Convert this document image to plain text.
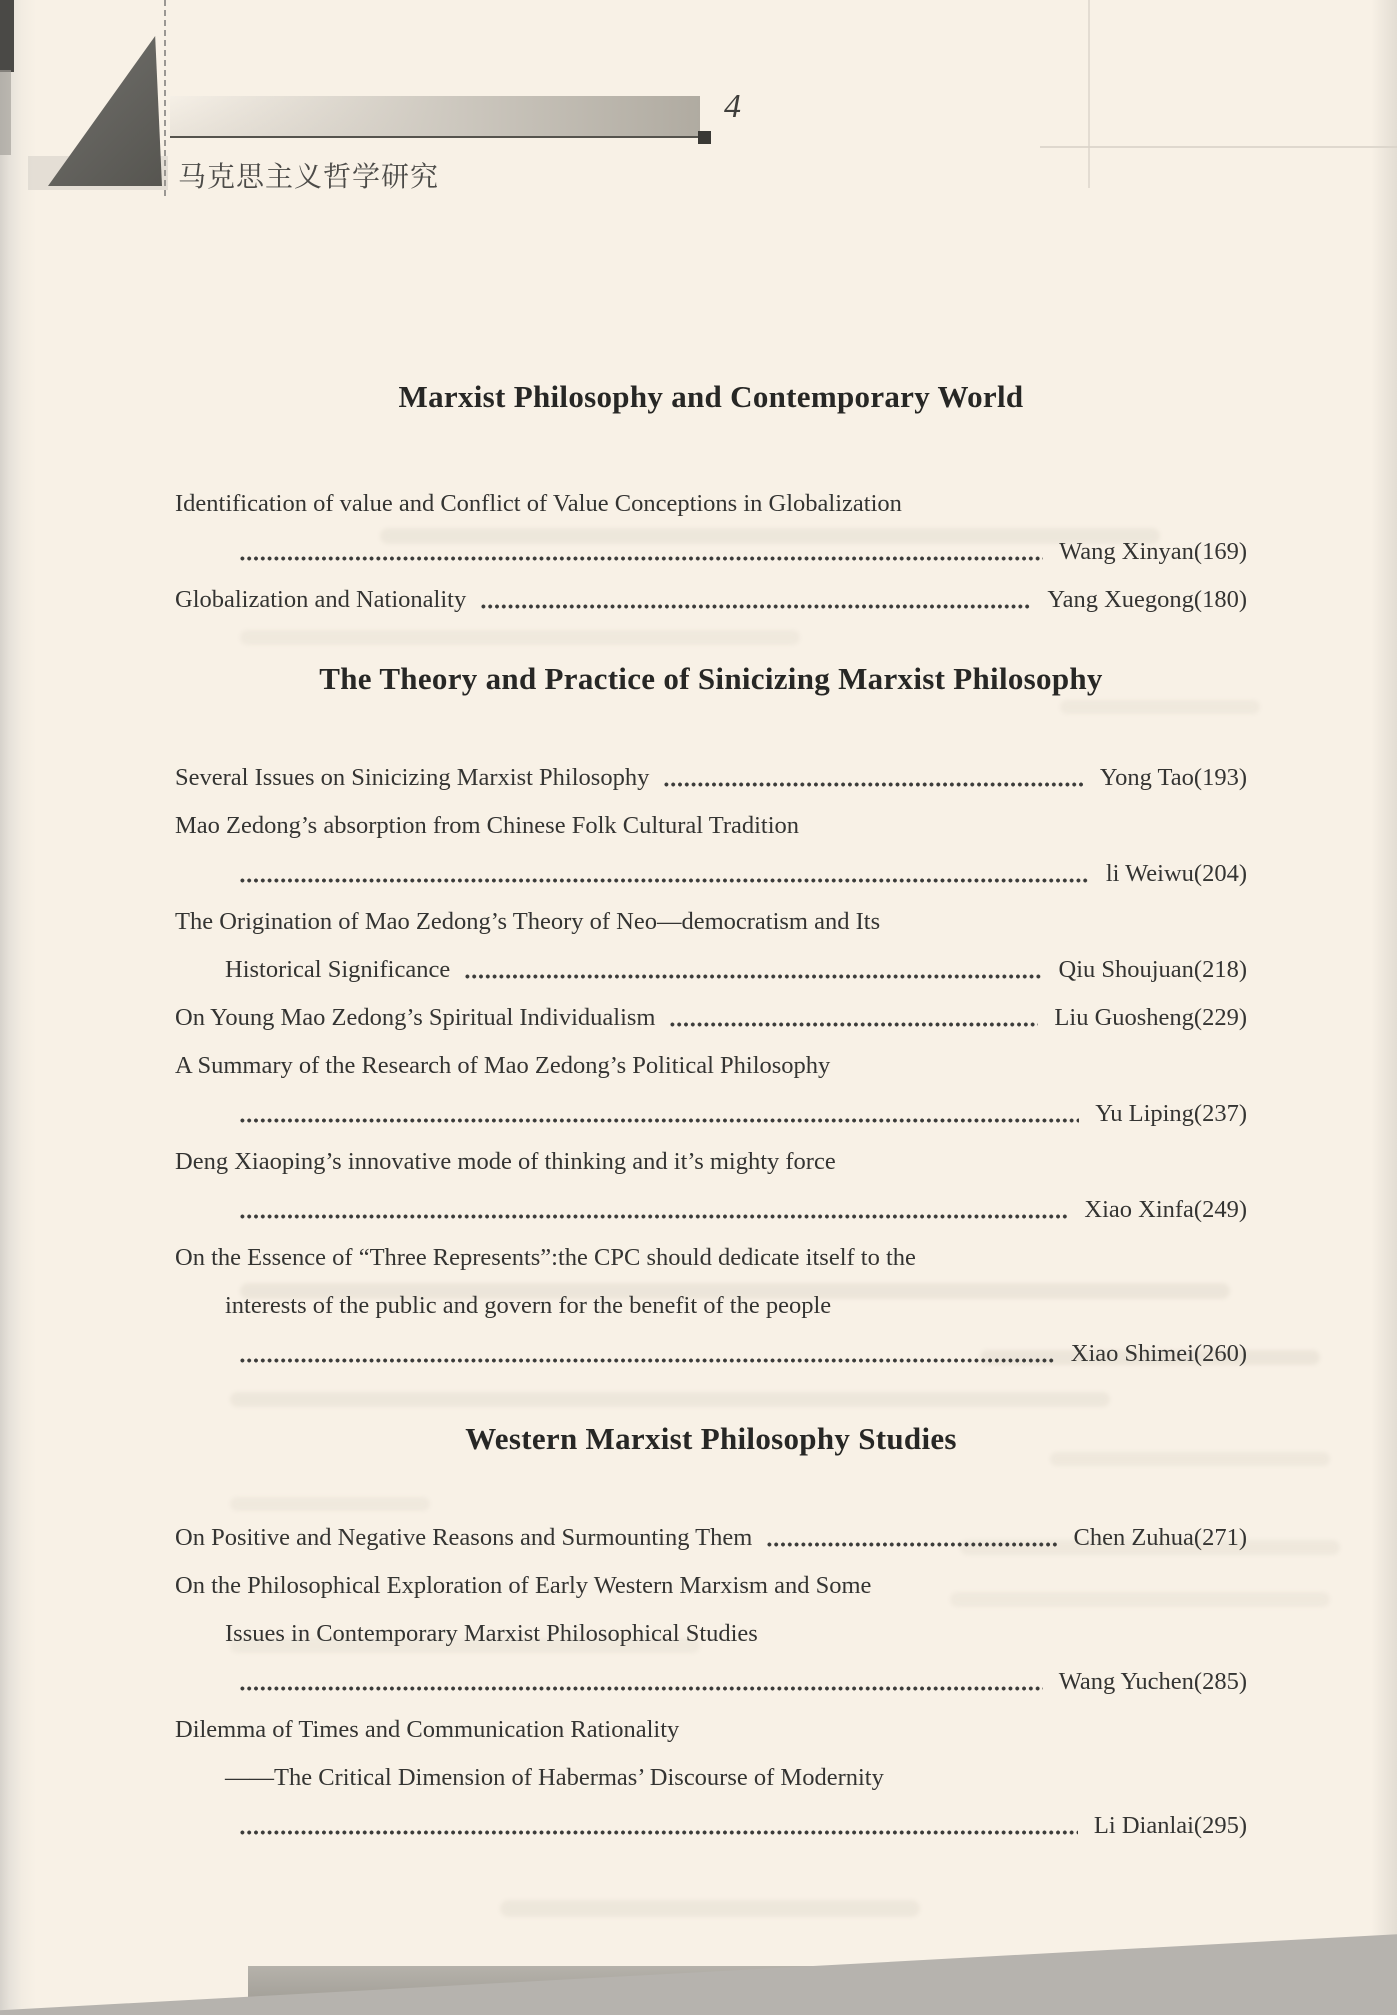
4
马克思主义哲学研究
Marxist Philosophy and Contemporary World
Identification of value and Conflict of Value Conceptions in Globalization
Wang Xinyan(169)
Globalization and Nationality	Yang Xuegong(180)
The Theory and Practice of Sinicizing Marxist Philosophy
Several Issues on Sinicizing Marxist Philosophy	Yong Tao(193)
Mao Zedong’s absorption from Chinese Folk Cultural Tradition
li Weiwu(204)
The Origination of Mao Zedong’s Theory of Neo—democratism and Its
Historical Significance	Qiu Shoujuan(218)
On Young Mao Zedong’s Spiritual Individualism	Liu Guosheng(229)
A Summary of the Research of Mao Zedong’s Political Philosophy
Yu Liping(237)
Deng Xiaoping’s innovative mode of thinking and it’s mighty force
Xiao Xinfa(249)
On the Essence of “Three Represents”:the CPC should dedicate itself to the
interests of the public and govern for the benefit of the people
Xiao Shimei(260)
Western Marxist Philosophy Studies
On Positive and Negative Reasons and Surmounting Them	Chen Zuhua(271)
On the Philosophical Exploration of Early Western Marxism and Some
Issues in Contemporary Marxist Philosophical Studies
Wang Yuchen(285)
Dilemma of Times and Communication Rationality
——The Critical Dimension of Habermas’ Discourse of Modernity
Li Dianlai(295)
